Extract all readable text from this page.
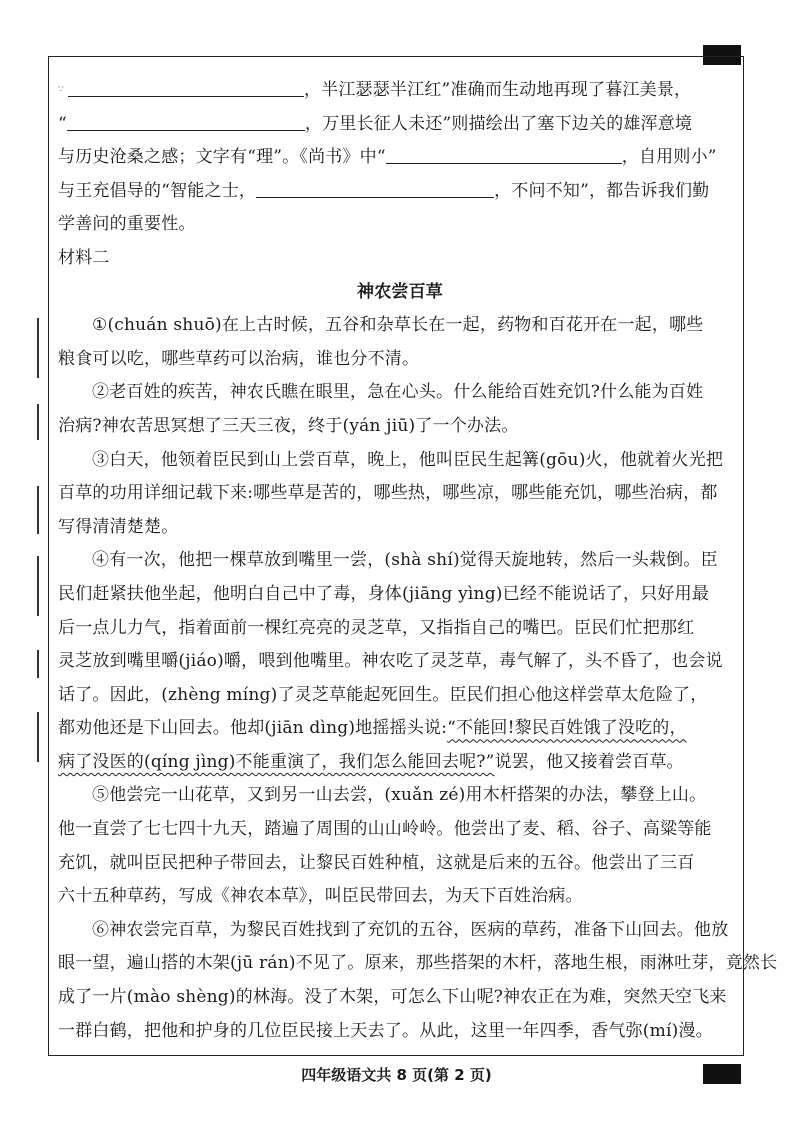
∵	，半江瑟瑟半江红”准确而生动地再现了暮江美景，
“	，万里长征人未还”则描绘出了塞下边关的雄浑意境
与历史沧桑之感；文字有“理”。《尚书》中“	，自用则小”
与王充倡导的“智能之士，	，不问不知”，都告诉我们勤
学善问的重要性。
材料二
神农尝百草
①(chuán shuō)在上古时候，五谷和杂草长在一起，药物和百花开在一起，哪些
粮食可以吃，哪些草药可以治病，谁也分不清。
②老百姓的疾苦，神农氏瞧在眼里，急在心头。什么能给百姓充饥?什么能为百姓
治病?神农苦思冥想了三天三夜，终于(yán jiū)了一个办法。
③白天，他领着臣民到山上尝百草，晚上，他叫臣民生起篝(gōu)火，他就着火光把
百草的功用详细记载下来:哪些草是苦的，哪些热，哪些凉，哪些能充饥，哪些治病，都
写得清清楚楚。
④有一次，他把一棵草放到嘴里一尝，(shà shí)觉得天旋地转，然后一头栽倒。臣
民们赶紧扶他坐起，他明白自己中了毒，身体(jiāng yìng)已经不能说话了，只好用最
后一点儿力气，指着面前一棵红亮亮的灵芝草，又指指自己的嘴巴。臣民们忙把那红
灵芝放到嘴里嚼(jiáo)嚼，喂到他嘴里。神农吃了灵芝草，毒气解了，头不昏了，也会说
话了。因此，(zhèng míng)了灵芝草能起死回生。臣民们担心他这样尝草太危险了，
都劝他还是下山回去。他却(jiān dìng)地摇摇头说:“不能回!黎民百姓饿了没吃的，
病了没医的(qíng jìng)不能重演了，我们怎么能回去呢?”说罢，他又接着尝百草。
⑤他尝完一山花草，又到另一山去尝，(xuǎn zé)用木杆搭架的办法，攀登上山。
他一直尝了七七四十九天，踏遍了周围的山山岭岭。他尝出了麦、稻、谷子、高粱等能
充饥，就叫臣民把种子带回去，让黎民百姓种植，这就是后来的五谷。他尝出了三百
六十五种草药，写成《神农本草》，叫臣民带回去，为天下百姓治病。
⑥神农尝完百草，为黎民百姓找到了充饥的五谷，医病的草药，准备下山回去。他放
眼一望，遍山搭的木架(jū rán)不见了。原来，那些搭架的木杆，落地生根，雨淋吐芽，竟然长
成了一片(mào shèng)的林海。没了木架，可怎么下山呢?神农正在为难，突然天空飞来
一群白鹤，把他和护身的几位臣民接上天去了。从此，这里一年四季，香气弥(mí)漫。
四年级语文共 8 页(第 2 页)
